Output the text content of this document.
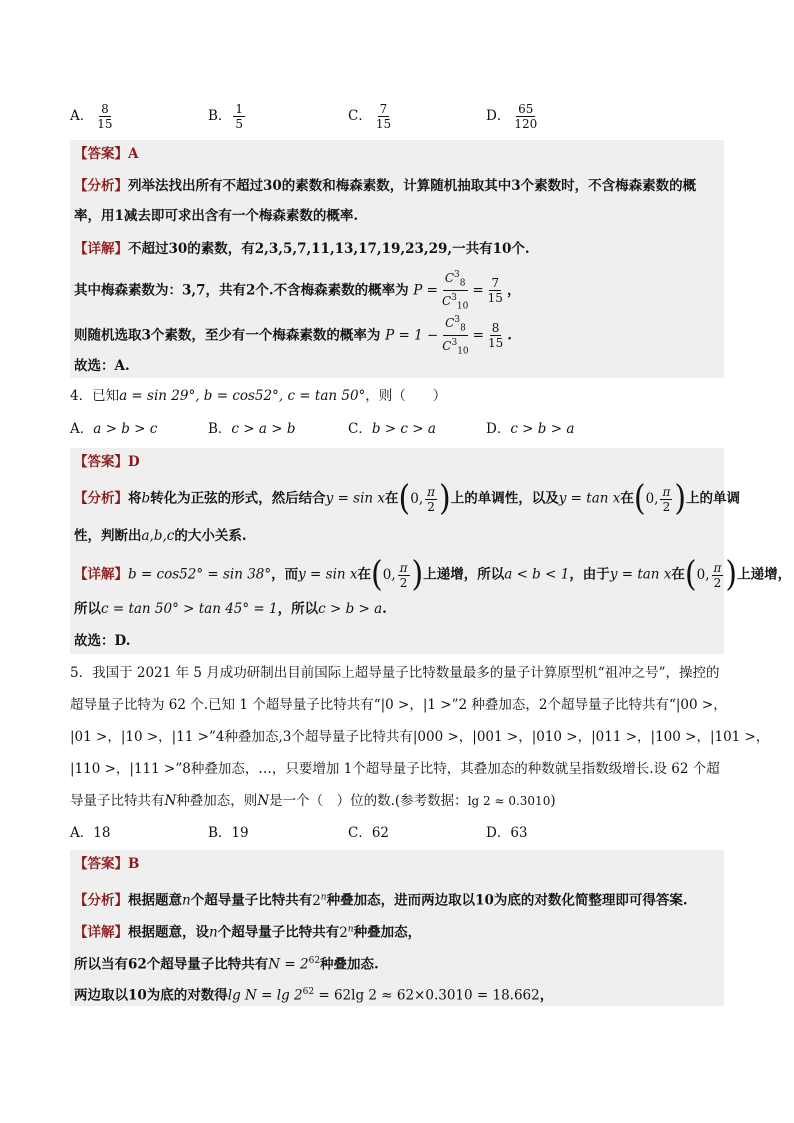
A． $\frac{8}{15}$	B． $\frac{1}{5}$	C． $\frac{7}{15}$	D． $\frac{65}{120}$
【答案】A
【分析】列举法找出所有不超过30的素数和梅森素数，计算随机抽取其中3个素数时，不含梅森素数的概
率，用1减去即可求出含有一个梅森素数的概率.
【详解】不超过30的素数，有2,3,5,7,11,13,17,19,23,29,一共有10个.
其中梅森素数为：3,7，共有2个.不含梅森素数的概率为 $P = \frac{C^3_8}{C^3_{10}} = \frac{7}{15}$ ，
则随机选取3个素数，至少有一个梅森素数的概率为 $P = 1 - \frac{C^3_8}{C^3_{10}} = \frac{8}{15}$ .
故选：A.
4．已知a = sin 29°, b = cos52°, c = tan 50°，则（　　）
A．a > b > c	B．c > a > b	C．b > c > a	D．c > b > a
【答案】D
【分析】将b转化为正弦的形式，然后结合y = sin x在(0, $\frac{\pi}{2}$ )上的单调性，以及y = tan x在(0, $\frac{\pi}{2}$ )上的单调
性，判断出a,b,c的大小关系.
【详解】b = cos52° = sin 38°，而y = sin x在(0, $\frac{\pi}{2}$ )上递增，所以a < b < 1，由于y = tan x在(0, $\frac{\pi}{2}$ )上递增，
所以c = tan 50° > tan 45° = 1，所以c > b > a.
故选：D.
5．我国于 2021 年 5 月成功研制出目前国际上超导量子比特数量最多的量子计算原型机“祖冲之号”，操控的
超导量子比特为 62 个.已知 1 个超导量子比特共有“|0 >，|1 >”2 种叠加态，2个超导量子比特共有“|00 >，
|01 >，|10 >，|11 >”4种叠加态,3个超导量子比特共有|000 >，|001 >，|010 >，|011 >，|100 >，|101 >，
|110 >，|111 >”8种叠加态，…，只要增加 1个超导量子比特，其叠加态的种数就呈指数级增长.设 62 个超
导量子比特共有N种叠加态，则N是一个（　）位的数.(参考数据：lg 2 ≈ 0.3010)
A．18	B．19	C．62	D．63
【答案】B
【分析】根据题意n个超导量子比特共有2$^n$种叠加态，进而两边取以10为底的对数化简整理即可得答案.
【详解】根据题意，设n个超导量子比特共有2$^n$种叠加态，
所以当有62个超导量子比特共有$N = 2^{62}$种叠加态.
两边取以10为底的对数得$\lg N = \lg 2^{62} = 62\lg$ 2 ≈ 62×0.3010 = 18.662，
